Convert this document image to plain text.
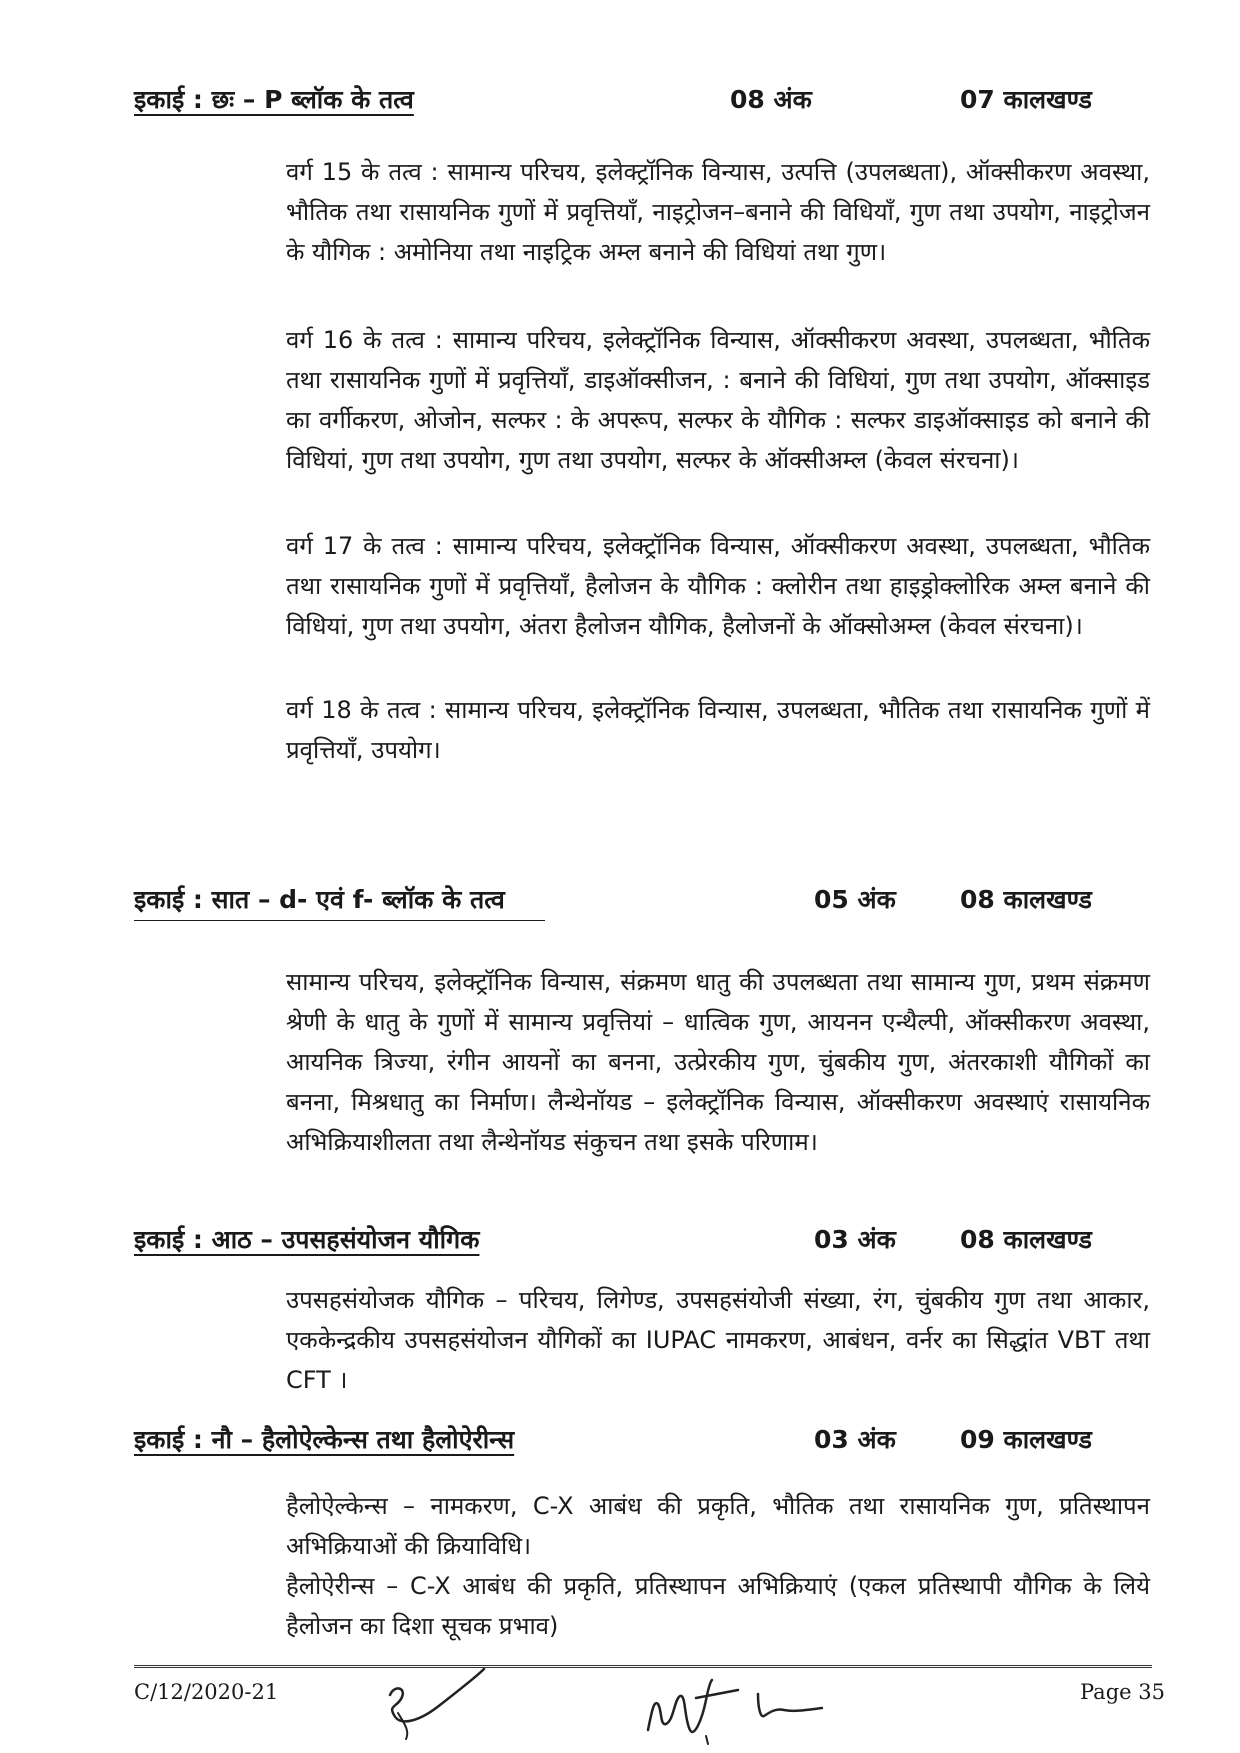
इकाई : छः – P ब्लॉक के तत्व	08 अंक	07 कालखण्ड

वर्ग 15 के तत्व : सामान्य परिचय, इलेक्ट्रॉनिक विन्यास, उत्पत्ति (उपलब्धता), ऑक्सीकरण अवस्था, भौतिक तथा रासायनिक गुणों में प्रवृत्तियाँ, नाइट्रोजन–बनाने की विधियाँ, गुण तथा उपयोग, नाइट्रोजन के यौगिक : अमोनिया तथा नाइट्रिक अम्ल बनाने की विधियां तथा गुण।

वर्ग 16 के तत्व : सामान्य परिचय, इलेक्ट्रॉनिक विन्यास, ऑक्सीकरण अवस्था, उपलब्धता, भौतिक तथा रासायनिक गुणों में प्रवृत्तियाँ, डाइऑक्सीजन, : बनाने की विधियां, गुण तथा उपयोग, ऑक्साइड का वर्गीकरण, ओजोन, सल्फर : के अपरूप, सल्फर के यौगिक : सल्फर डाइऑक्साइड को बनाने की विधियां, गुण तथा उपयोग, गुण तथा उपयोग, सल्फर के ऑक्सीअम्ल (केवल संरचना)।

वर्ग 17 के तत्व : सामान्य परिचय, इलेक्ट्रॉनिक विन्यास, ऑक्सीकरण अवस्था, उपलब्धता, भौतिक तथा रासायनिक गुणों में प्रवृत्तियाँ, हैलोजन के यौगिक : क्लोरीन तथा हाइड्रोक्लोरिक अम्ल बनाने की विधियां, गुण तथा उपयोग, अंतरा हैलोजन यौगिक, हैलोजनों के ऑक्सोअम्ल (केवल संरचना)।

वर्ग 18 के तत्व : सामान्य परिचय, इलेक्ट्रॉनिक विन्यास, उपलब्धता, भौतिक तथा रासायनिक गुणों में प्रवृत्तियाँ, उपयोग।

इकाई : सात – d- एवं f- ब्लॉक के तत्व	05 अंक	08 कालखण्ड

सामान्य परिचय, इलेक्ट्रॉनिक विन्यास, संक्रमण धातु की उपलब्धता तथा सामान्य गुण, प्रथम संक्रमण श्रेणी के धातु के गुणों में सामान्य प्रवृत्तियां – धात्विक गुण, आयनन एन्थैल्पी, ऑक्सीकरण अवस्था, आयनिक त्रिज्या, रंगीन आयनों का बनना, उत्प्रेरकीय गुण, चुंबकीय गुण, अंतरकाशी यौगिकों का बनना, मिश्रधातु का निर्माण। लैन्थेनॉयड – इलेक्ट्रॉनिक विन्यास, ऑक्सीकरण अवस्थाएं रासायनिक अभिक्रियाशीलता तथा लैन्थेनॉयड संकुचन तथा इसके परिणाम।

इकाई : आठ – उपसहसंयोजन यौगिक	03 अंक	08 कालखण्ड

उपसहसंयोजक यौगिक – परिचय, लिगेण्ड, उपसहसंयोजी संख्या, रंग, चुंबकीय गुण तथा आकार, एककेन्द्रकीय उपसहसंयोजन यौगिकों का IUPAC नामकरण, आबंधन, वर्नर का सिद्धांत VBT तथा CFT ।

इकाई : नौ – हैलोऐल्केन्स तथा हैलोऐरीन्स	03 अंक	09 कालखण्ड

हैलोऐल्केन्स – नामकरण, C-X आबंध की प्रकृति, भौतिक तथा रासायनिक गुण, प्रतिस्थापन अभिक्रियाओं की क्रियाविधि।

हैलोऐरीन्स – C-X आबंध की प्रकृति, प्रतिस्थापन अभिक्रियाएं (एकल प्रतिस्थापी यौगिक के लिये हैलोजन का दिशा सूचक प्रभाव)

C/12/2020-21	Page 35
